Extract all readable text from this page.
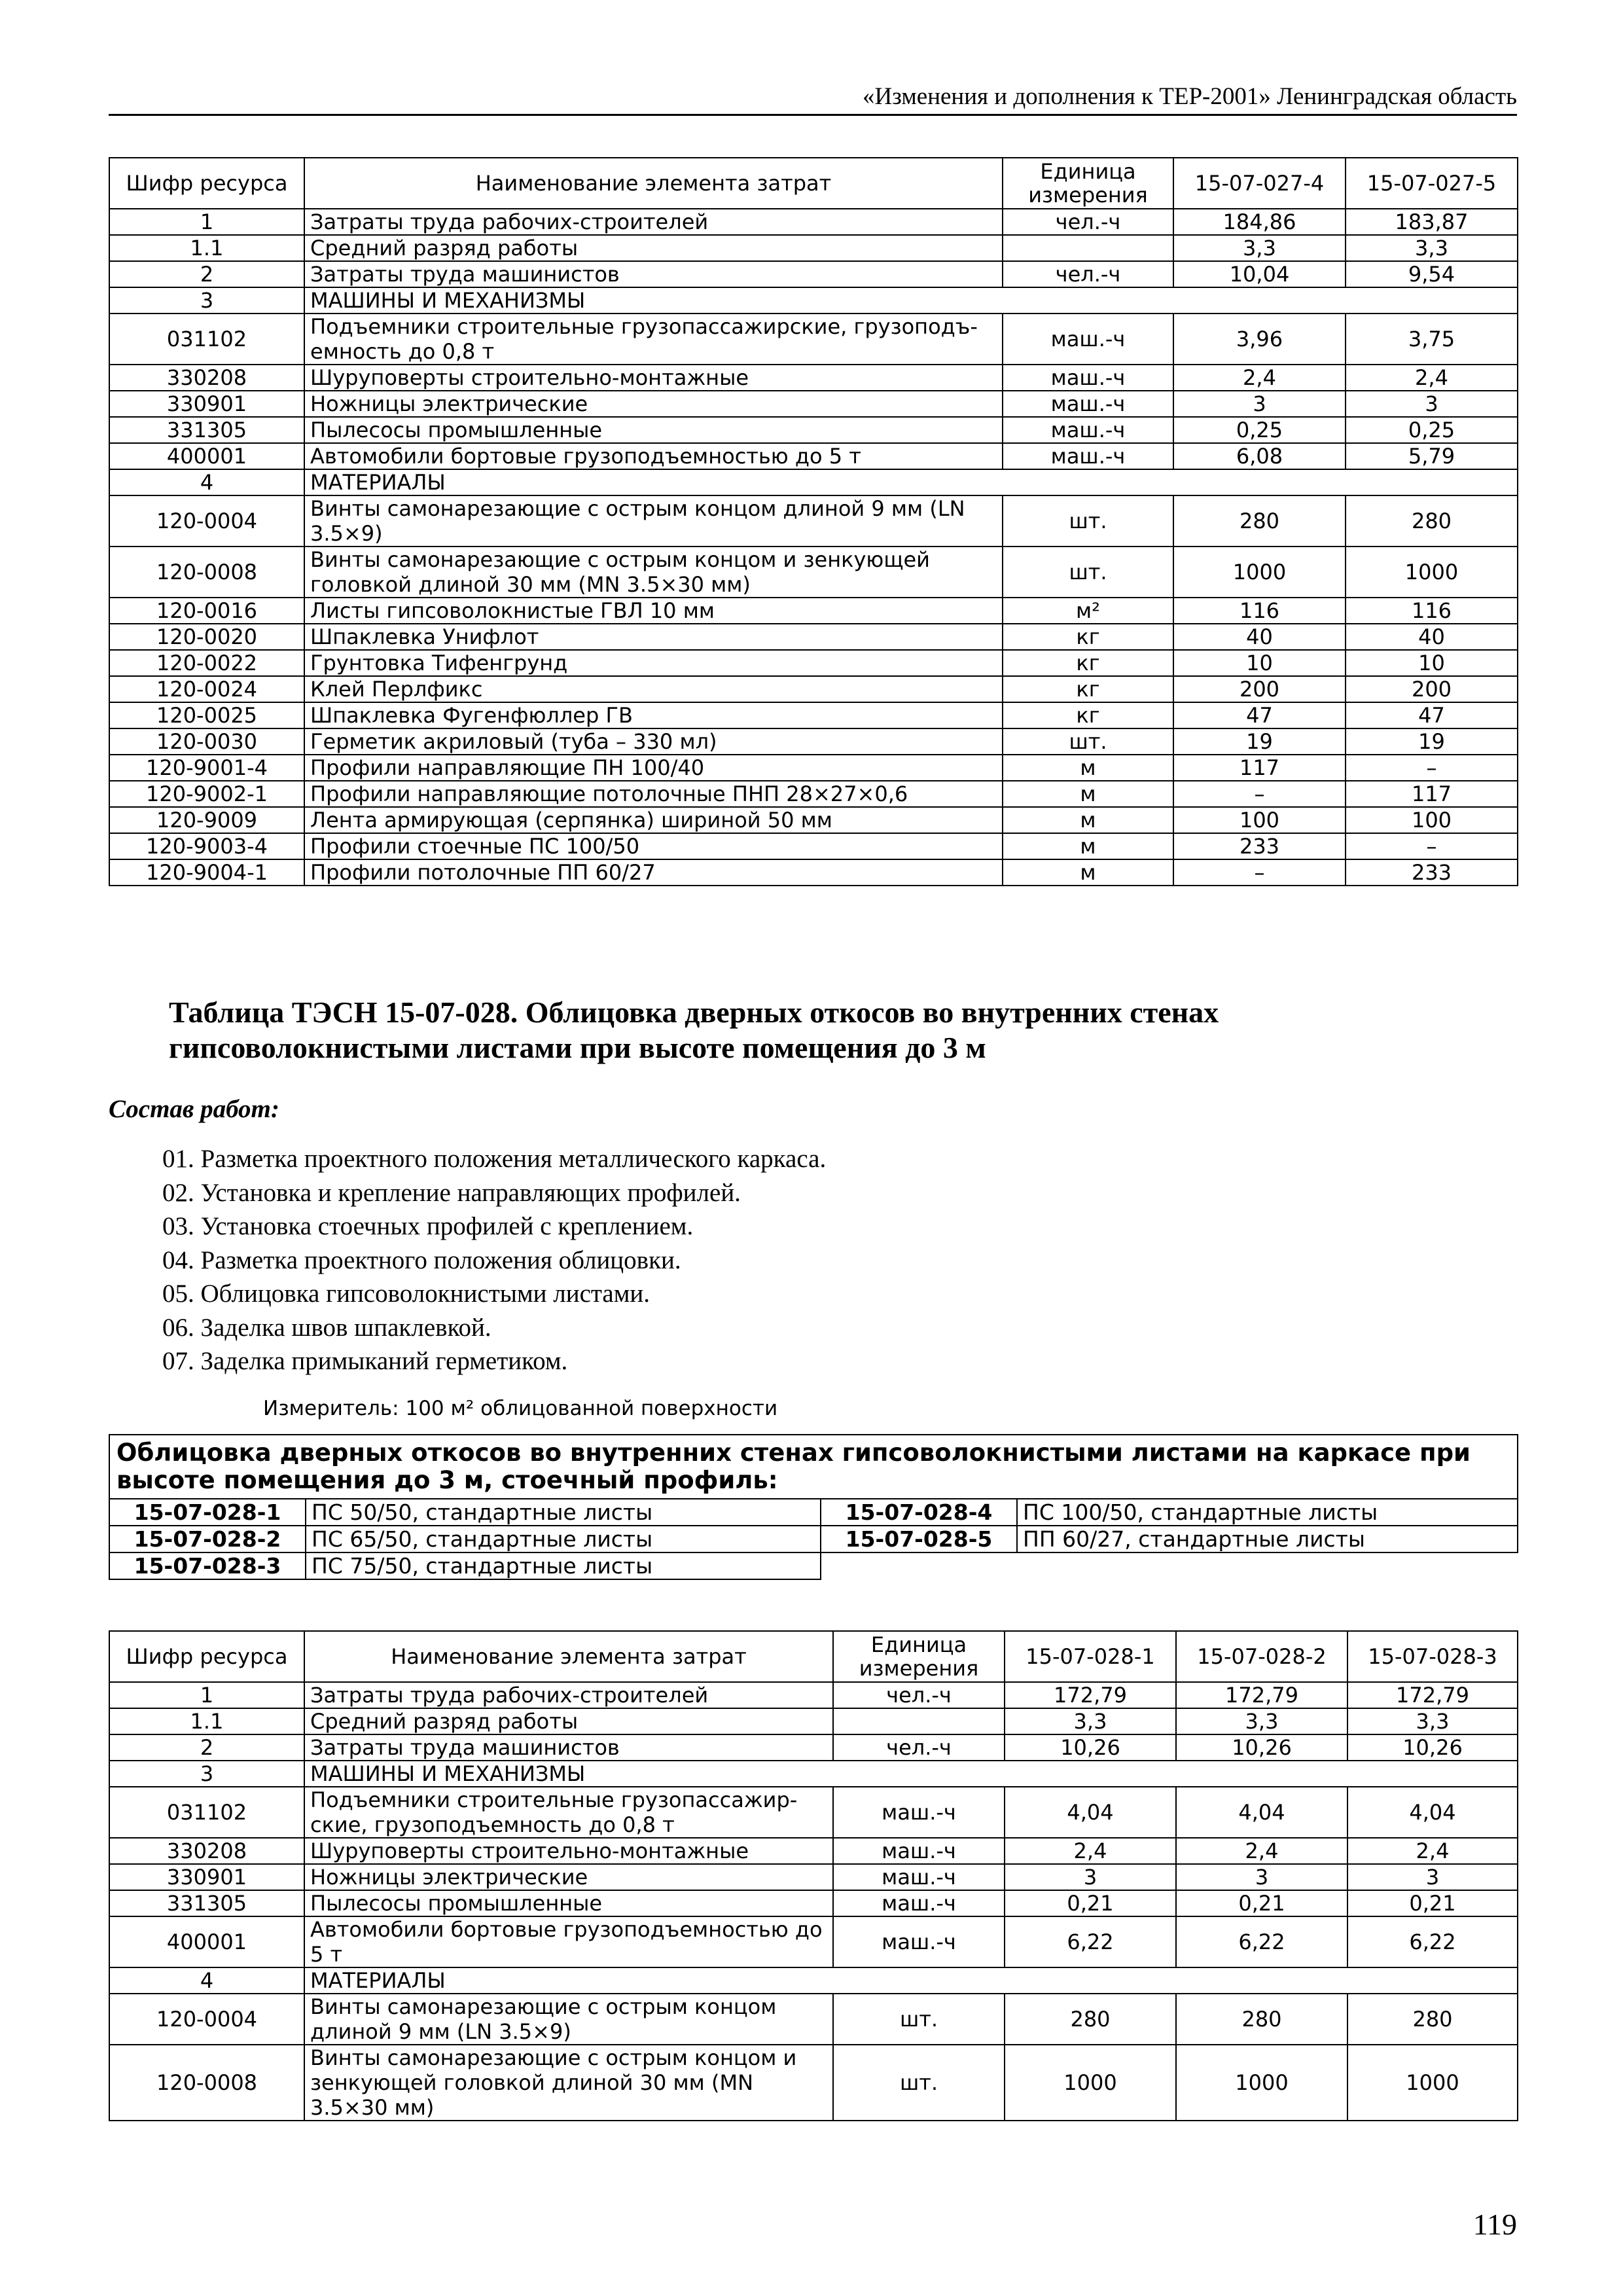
«Изменения и дополнения к ТЕР-2001» Ленинградская область
Шифр ресурса	Наименование элемента затрат	Единица измерения	15-07-027-4	15-07-027-5
1	Затраты труда рабочих-строителей	чел.-ч	184,86	183,87
1.1	Средний разряд работы		3,3	3,3
2	Затраты труда машинистов	чел.-ч	10,04	9,54
3	МАШИНЫ И МЕХАНИЗМЫ			
031102	Подъемники строительные грузопассажирские, грузоподъ-емность до 0,8 т	маш.-ч	3,96	3,75
330208	Шуруповерты строительно-монтажные	маш.-ч	2,4	2,4
330901	Ножницы электрические	маш.-ч	3	3
331305	Пылесосы промышленные	маш.-ч	0,25	0,25
400001	Автомобили бортовые грузоподъемностью до 5 т	маш.-ч	6,08	5,79
4	МАТЕРИАЛЫ			
120-0004	Винты самонарезающие с острым концом длиной 9 мм (LN 3.5×9)	шт.	280	280
120-0008	Винты самонарезающие с острым концом и зенкующей головкой длиной 30 мм (MN 3.5×30 мм)	шт.	1000	1000
120-0016	Листы гипсоволокнистые ГВЛ 10 мм	м²	116	116
120-0020	Шпаклевка Унифлот	кг	40	40
120-0022	Грунтовка Тифенгрунд	кг	10	10
120-0024	Клей Перлфикс	кг	200	200
120-0025	Шпаклевка Фугенфюллер ГВ	кг	47	47
120-0030	Герметик акриловый (туба – 330 мл)	шт.	19	19
120-9001-4	Профили направляющие ПН 100/40	м	117	–
120-9002-1	Профили направляющие потолочные ПНП 28×27×0,6	м	–	117
120-9009	Лента армирующая (серпянка) шириной 50 мм	м	100	100
120-9003-4	Профили стоечные ПС 100/50	м	233	–
120-9004-1	Профили потолочные ПП 60/27	м	–	233
Таблица ТЭСН 15-07-028. Облицовка дверных откосов во внутренних стенах
гипсоволокнистыми листами при высоте помещения до 3 м
Состав работ:
01. Разметка проектного положения металлического каркаса.
02. Установка и крепление направляющих профилей.
03. Установка стоечных профилей с креплением.
04. Разметка проектного положения облицовки.
05. Облицовка гипсоволокнистыми листами.
06. Заделка швов шпаклевкой.
07. Заделка примыканий герметиком.
Измеритель: 100 м² облицованной поверхности
Облицовка дверных откосов во внутренних стенах гипсоволокнистыми листами на каркасе при высоте помещения до 3 м, стоечный профиль:			
15-07-028-1	ПС 50/50, стандартные листы	15-07-028-4	ПС 100/50, стандартные листы
15-07-028-2	ПС 65/50, стандартные листы	15-07-028-5	ПП 60/27, стандартные листы
15-07-028-3	ПС 75/50, стандартные листы		
Шифр ресурса	Наименование элемента затрат	Единица измерения	15-07-028-1	15-07-028-2	15-07-028-3
1	Затраты труда рабочих-строителей	чел.-ч	172,79	172,79	172,79
1.1	Средний разряд работы		3,3	3,3	3,3
2	Затраты труда машинистов	чел.-ч	10,26	10,26	10,26
3	МАШИНЫ И МЕХАНИЗМЫ				
031102	Подъемники строительные грузопассажир-ские, грузоподъемность до 0,8 т	маш.-ч	4,04	4,04	4,04
330208	Шуруповерты строительно-монтажные	маш.-ч	2,4	2,4	2,4
330901	Ножницы электрические	маш.-ч	3	3	3
331305	Пылесосы промышленные	маш.-ч	0,21	0,21	0,21
400001	Автомобили бортовые грузоподъемностью до 5 т	маш.-ч	6,22	6,22	6,22
4	МАТЕРИАЛЫ				
120-0004	Винты самонарезающие с острым концом длиной 9 мм (LN 3.5×9)	шт.	280	280	280
120-0008	Винты самонарезающие с острым концом и зенкующей головкой длиной 30 мм (MN 3.5×30 мм)	шт.	1000	1000	1000
119
